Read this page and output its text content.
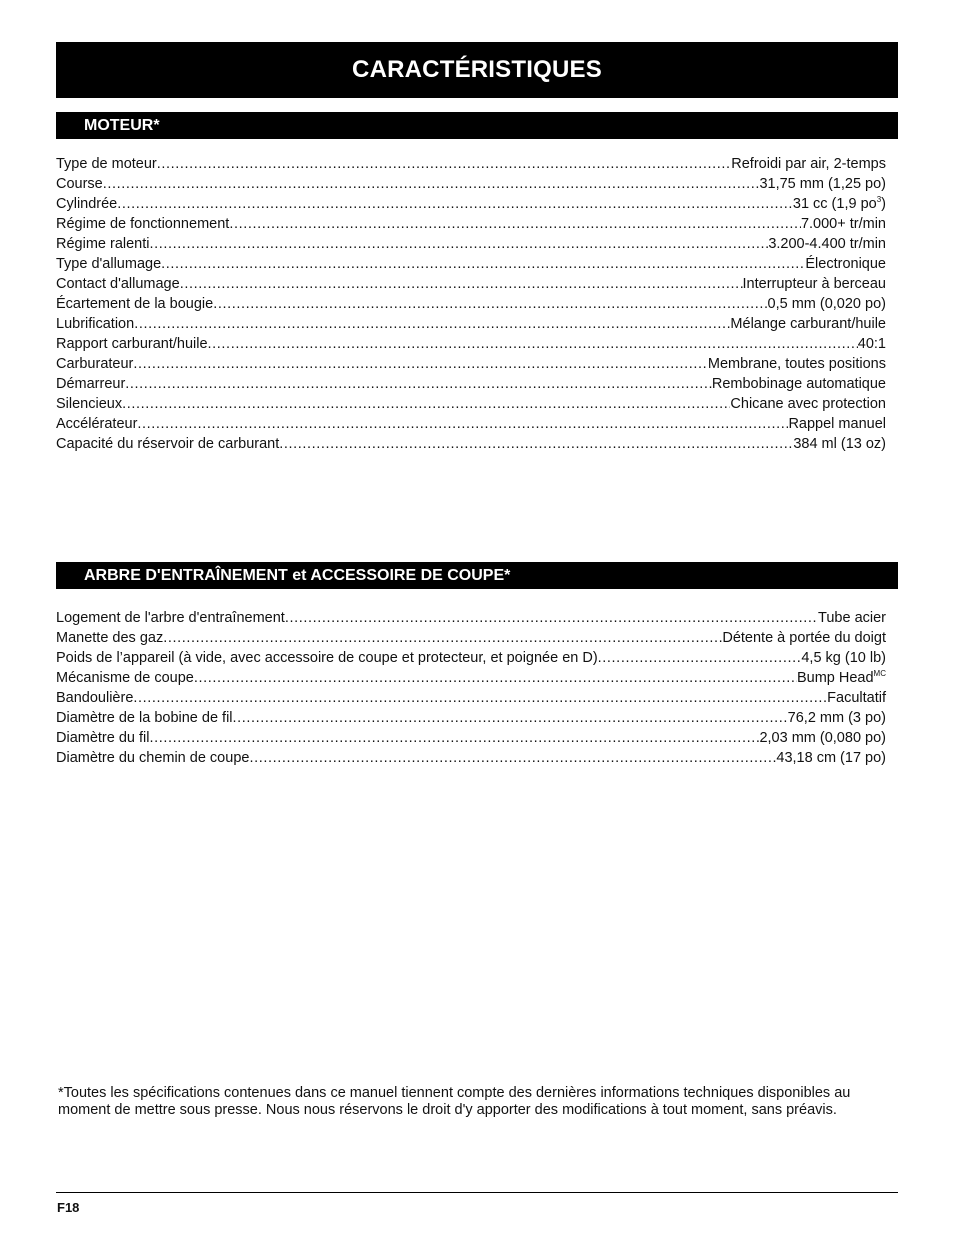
CARACTÉRISTIQUES
MOTEUR*
Type de moteur .....	Refroidi par air, 2-temps
Course .....	31,75 mm (1,25 po)
Cylindrée .....	31 cc (1,9 $po^3$)
Régime de fonctionnement .....	7.000+ tr/min
Régime ralenti .....	3.200-4.400 tr/min
Type d'allumage .....	Électronique
Contact d'allumage .....	Interrupteur à berceau
Écartement de la bougie .....	0,5 mm (0,020 po)
Lubrification .....	Mélange carburant/huile
Rapport carburant/huile .....	40:1
Carburateur .....	Membrane, toutes positions
Démarreur .....	Rembobinage automatique
Silencieux .....	Chicane avec protection
Accélérateur .....	Rappel manuel
Capacité du réservoir de carburant .....	384 ml (13 oz)
ARBRE D'ENTRAÎNEMENT et ACCESSOIRE DE COUPE*
Logement de l'arbre d'entraînement .....	Tube acier
Manette des gaz .....	Détente à portée du doigt
Poids de l’appareil (à vide, avec accessoire de coupe et protecteur, et poignée en D) .....	4,5 kg (10 lb)
Mécanisme de coupe .....	Bump Head$^{MC}$
Bandoulière .....	Facultatif
Diamètre de la bobine de fil .....	76,2 mm (3 po)
Diamètre du fil .....	2,03 mm (0,080 po)
Diamètre du chemin de coupe .....	43,18 cm (17 po)

*Toutes les spécifications contenues dans ce manuel tiennent compte des dernières informations techniques disponibles au moment de mettre sous presse. Nous nous réservons le droit d'y apporter des modifications à tout moment, sans préavis.

F18
